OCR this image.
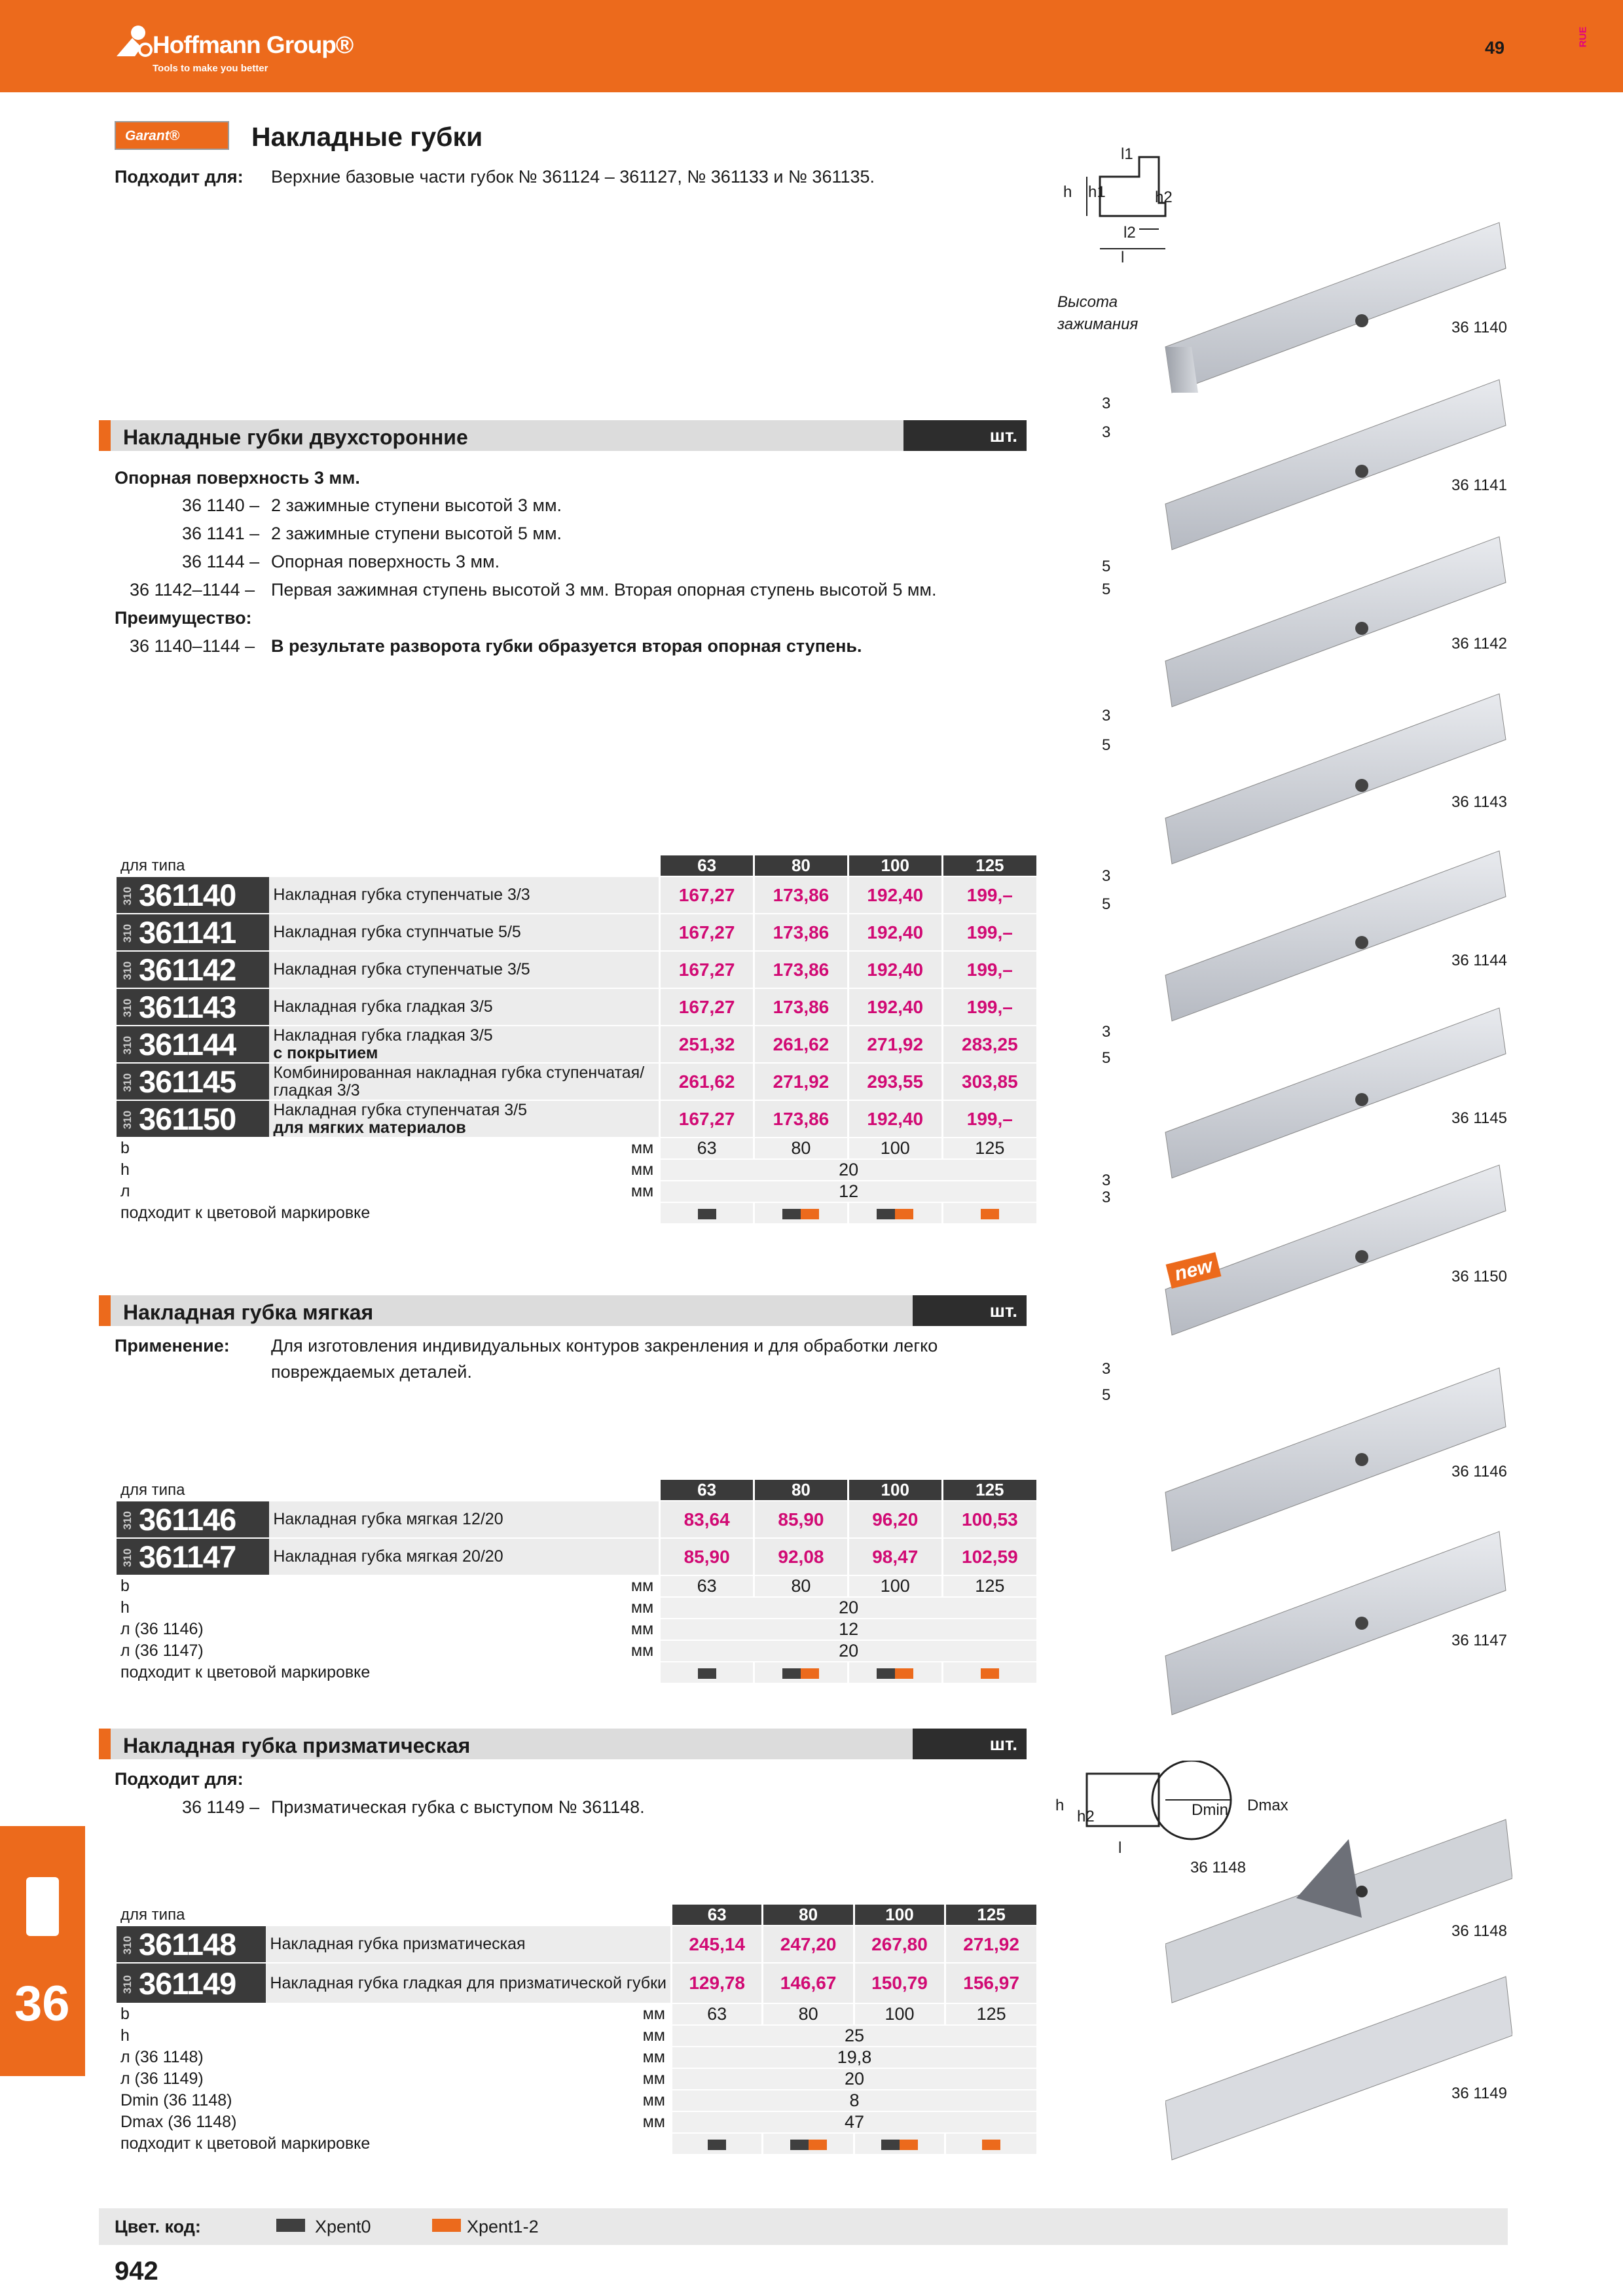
Hoffmann Group®
Tools to make you better
49
RUE
Garant®	Накладные губки
Подходит для: Верхние базовые части губок № 361124 – 361127, № 361133 и № 361135.
Накладные губки двухсторонние	шт.
Опорная поверхность 3 мм.
36 1140 – 2 зажимные ступени высотой 3 мм.
36 1141 – 2 зажимные ступени высотой 5 мм.
36 1144 – Опорная поверхность 3 мм.
36 1142–1144 – Первая зажимная ступень высотой 3 мм. Вторая опорная ступень высотой 5 мм.
Преимущество:
36 1140–1144 – В результате разворота губки образуется вторая опорная ступень.
для типа		63	80	100	125
310 361140	Накладная губка ступенчатые 3/3	167,27	173,86	192,40	199,–
310 361141	Накладная губка ступнчатые 5/5	167,27	173,86	192,40	199,–
310 361142	Накладная губка ступенчатые 3/5	167,27	173,86	192,40	199,–
310 361143	Накладная губка гладкая 3/5	167,27	173,86	192,40	199,–
310 361144	Накладная губка гладкая 3/5
с покрытием	251,32	261,62	271,92	283,25
310 361145	Комбинированная накладная губка ступенчатая/
гладкая 3/3	261,62	271,92	293,55	303,85
310 361150	Накладная губка ступенчатая 3/5
для мягких материалов	167,27	173,86	192,40	199,–
b	мм	63	80	100	125
h	мм	20			
л	мм	12			
подходит к цветовой маркировке					
Накладная губка мягкая	шт.
Применение: Для изготовления индивидуальных контуров закренления и для обработки легко
повреждаемых деталей.
для типа		63	80	100	125
310 361146	Накладная губка мягкая 12/20	83,64	85,90	96,20	100,53
310 361147	Накладная губка мягкая 20/20	85,90	92,08	98,47	102,59
b	мм	63	80	100	125
h	мм	20			
л (36 1146)	мм	12			
л (36 1147)	мм	20			
подходит к цветовой маркировке					
Накладная губка призматическая	шт.
Подходит для:
36 1149 – Призматическая губка с выступом № 361148.
для типа		63	80	100	125
310 361148	Накладная губка призматическая	245,14	247,20	267,80	271,92
310 361149	Накладная губка гладкая для призматической губки	129,78	146,67	150,79	156,97
b	мм	63	80	100	125
h	мм	25			
л (36 1148)	мм	19,8			
л (36 1149)	мм	20			
Dmin (36 1148)	мм	8			
Dmax (36 1148)	мм	47			
подходит к цветовой маркировке					
h h1	h2
l1
l2
l
Высота
зажимания
h
h2	Dmin Dmax
l
36 1148
36 1140
36 1141
36 1142
36 1143
36 1144
36 1145
36 1150
36 1146
36 1147
36 1148
36 1149
3
3
5
5
3
5
3
5
3
5
3
3
3
5
new
36
Цвет. код:	Xpent0	Xpent1-2
942
